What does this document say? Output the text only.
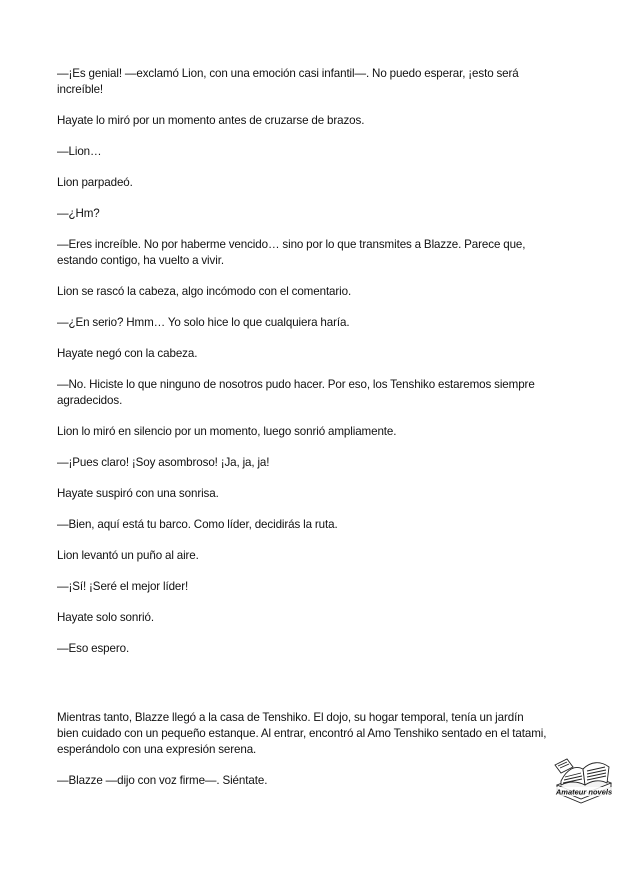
—¡Es genial! —exclamó Lion, con una emoción casi infantil—. No puedo esperar, ¡esto será increíble!

Hayate lo miró por un momento antes de cruzarse de brazos.

—Lion…

Lion parpadeó.

—¿Hm?

—Eres increíble. No por haberme vencido… sino por lo que transmites a Blazze. Parece que, estando contigo, ha vuelto a vivir.

Lion se rascó la cabeza, algo incómodo con el comentario.

—¿En serio? Hmm… Yo solo hice lo que cualquiera haría.

Hayate negó con la cabeza.

—No. Hiciste lo que ninguno de nosotros pudo hacer. Por eso, los Tenshiko estaremos siempre agradecidos.

Lion lo miró en silencio por un momento, luego sonrió ampliamente.

—¡Pues claro! ¡Soy asombroso! ¡Ja, ja, ja!

Hayate suspiró con una sonrisa.

—Bien, aquí está tu barco. Como líder, decidirás la ruta.

Lion levantó un puño al aire.

—¡Sí! ¡Seré el mejor líder!

Hayate solo sonrió.

—Eso espero.

Mientras tanto, Blazze llegó a la casa de Tenshiko. El dojo, su hogar temporal, tenía un jardín bien cuidado con un pequeño estanque. Al entrar, encontró al Amo Tenshiko sentado en el tatami, esperándolo con una expresión serena.

—Blazze —dijo con voz firme—. Siéntate.

Amateur novels
